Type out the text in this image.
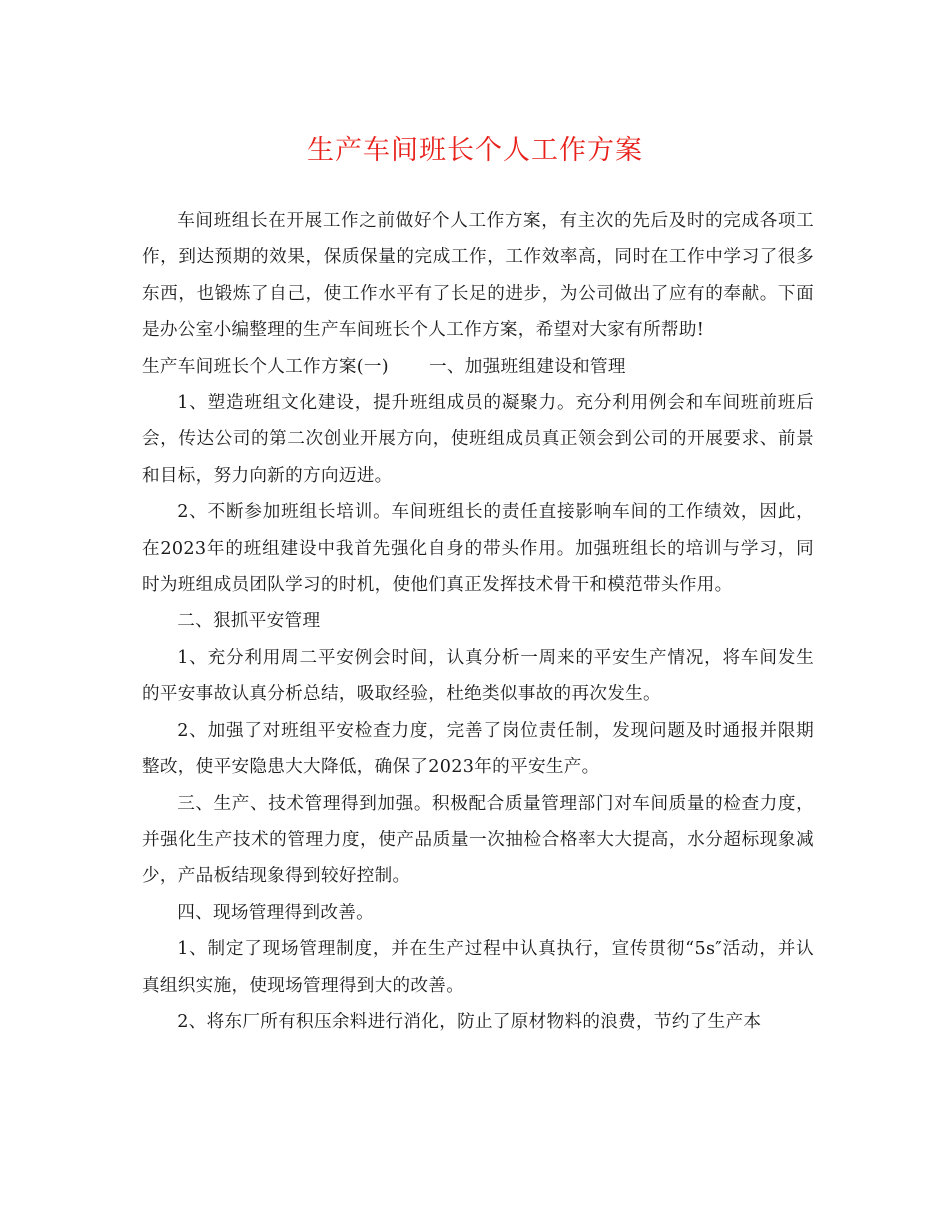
生产车间班长个人工作方案

车间班组长在开展工作之前做好个人工作方案，有主次的先后及时的完成各项工作，到达预期的效果，保质保量的完成工作，工作效率高，同时在工作中学习了很多东西，也锻炼了自己，使工作水平有了长足的进步，为公司做出了应有的奉献。下面是办公室小编整理的生产车间班长个人工作方案，希望对大家有所帮助!

生产车间班长个人工作方案(一) 一、加强班组建设和管理

1、塑造班组文化建设，提升班组成员的凝聚力。充分利用例会和车间班前班后会，传达公司的第二次创业开展方向，使班组成员真正领会到公司的开展要求、前景和目标，努力向新的方向迈进。

2、不断参加班组长培训。车间班组长的责任直接影响车间的工作绩效，因此，在2023年的班组建设中我首先强化自身的带头作用。加强班组长的培训与学习，同时为班组成员团队学习的时机，使他们真正发挥技术骨干和模范带头作用。

二、狠抓平安管理

1、充分利用周二平安例会时间，认真分析一周来的平安生产情况，将车间发生的平安事故认真分析总结，吸取经验，杜绝类似事故的再次发生。

2、加强了对班组平安检查力度，完善了岗位责任制，发现问题及时通报并限期整改，使平安隐患大大降低，确保了2023年的平安生产。

三、生产、技术管理得到加强。积极配合质量管理部门对车间质量的检查力度，并强化生产技术的管理力度，使产品质量一次抽检合格率大大提高，水分超标现象减少，产品板结现象得到较好控制。

四、现场管理得到改善。

1、制定了现场管理制度，并在生产过程中认真执行，宣传贯彻“5s″活动，并认真组织实施，使现场管理得到大的改善。

2、将东厂所有积压余料进行消化，防止了原材物料的浪费，节约了生产本
